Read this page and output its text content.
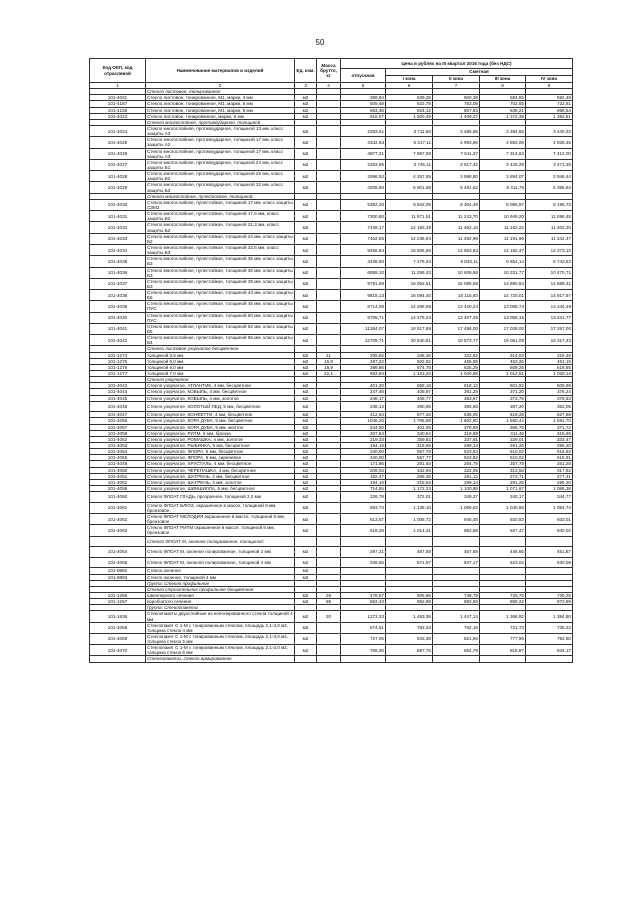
50
Код ОКП, код отраслевой	Наименование материалов и изделий	Ед. изм.	Масса брутто, кг	Цена в рублях на III квартал 2016 года (без НДС)				
				отпускная	Сметная			
					I зона	II зона	III зона	IV зона
1	2	3	4	5	6	7	8	9
	Стекло листовое, тонированное							
101-4021	Стекло листовое, тонированное, М1, марки, 4 мм	м2		389,84	539,25	600,39	584,55	592,49
101-4167	Стекло листовое, тонированное, М1, марки, 5 мм	м2		505,48	633,78	763,08	702,55	722,81
101-4168	Стекло листовое, тонированное, М1, марки, 6 мм	м2		563,36	924,12	867,63	845,21	858,54
101-4022	Стекло листовое, тонированное, марки, 8 мм	м2		915,07	1 500,49	1 409,27	1 372,38	1 392,81
	Стекло многослойное, противоударное, толщиной							
101-4024	Стекло многослойное, противоударное, толщиной 13 мм, класс защиты А3	м2		2283,51	3 711,60	3 485,95	3 394,65	3 440,33
101-4025	Стекло многослойное, противоударное, толщиной 17 мм, класс защиты А2	м2		3342,63	5 317,11	4 993,86	4 863,08	4 928,45
101-4026	Стекло многослойное, противоударное, толщиной 17 мм, класс защиты А3	м2		4877,31	7 967,59	7 611,37	7 314,63	7 412,00
101-4027	Стекло многослойное, противоударное, толщиной 24 мм, класс защиты Б1	м2		2283,95	3 745,11	3 517,42	3 425,29	3 471,35
101-4028	Стекло многослойное, противоударное, толщиной 26 мм, класс защиты Б2	м2		2596,52	4 257,55	3 998,80	3 894,07	3 946,44
101-4029	Стекло многослойное, противоударное, толщиной 32 мм, класс защиты Б3	м2		4205,60	6 901,08	6 481,52	6 311,75	6 396,64
	Стекло многослойное, пулестойкое, толщиной:							
101-4030	Стекло многослойное, пулестойкое, толщиной 17 мм, класс защиты СЗМ2	м2		5392,30	8 842,05	8 304,49	8 086,97	8 195,73
101-4031	Стекло многослойное, пулестойкое, толщиной 17,5 мм, класс защиты Б2	м2		7300,80	11 971,51	11 243,70	10 949,20	11 096,45
101-4032	Стекло многослойное, пулестойкое, толщиной 21,3 мм, класс защиты Б2	м2		7436,17	12 193,49	11 452,16	11 152,22	11 302,20
101-4033	Стекло многослойное, пулестойкое, толщиной 24 мм, класс защиты Б2	м2		7462,66	12 236,94	11 492,98	11 191,96	11 342,47
101-4034	Стекло многослойное, пулестойкое, толщиной 32,5 мм, класс защиты Б3	м2		9456,84	15 506,56	14 563,83	14 182,37	14 373,10
101-4035	Стекло многослойное, пулестойкое, толщиной 35 мм, класс защиты Б3	м2		4436,90	7 275,43	6 833,11	6 654,14	6 743,63
101-4036	Стекло многослойное, пулестойкое, толщиной 36 мм, класс защиты Б3	м2		6889,10	11 296,43	10 609,66	10 331,77	10 470,71
101-4037	Стекло многослойное, пулестойкое, толщиной 38 мм, класс защиты Б3	м2		9791,68	16 062,51	15 085,98	14 690,84	14 888,41
101-4038	Стекло многослойное, пулестойкое, толщиной 43 мм, класс защиты Б5	м2		9815,13	16 094,40	15 115,93	14 720,01	14 917,97
101-4039	Стекло многослойное, пулестойкое, толщиной 45 мм, класс защиты ПУС	м2		8714,08	14 288,95	13 420,24	13 068,74	13 244,49
101-4040	Стекло многослойное, пулестойкое, толщиной 50 мм, класс защиты ПУС	м2		8705,71	14 275,23	13 407,35	13 056,15	13 231,77
101-4041	Стекло многослойное, пулестойкое, толщиной 52 мм, класс защиты Б5	м2		11354,07	18 617,89	17 486,00	17 028,00	17 257,00
101-4042	Стекло многослойное, пулестойкое, толщиной 55 мм, класс защиты Б4	м2		12709,71	20 840,81	19 573,77	19 061,09	19 317,43
	Стекло листовое узорчатое бесцветное							
101-1274	толщиной 3,5 мм	м2	11	205,92	348,36	322,82	314,03	319,49
101-1275	толщиной 5,0 мм	м2	15,8	297,22	502,82	465,95	453,26	461,15
101-1276	толщиной 6,0 мм	м2	18,9	398,86	674,78	625,29	608,26	618,85
101-1277	толщиной 7,0 мм	м2	22,1	663,94	1 123,20	1 040,86	1 012,51	1 030,14
	Стекло узорчатое:							
101-4043	Стекло узорчатое, АТЛАНТИК, 4 мм, бесцветное	м2		401,20	658,18	618,12	601,82	609,98
101-4044	Стекло узорчатое, КОВЫЛЬ, 4 мм, бесцветное	м2		247,46	405,97	381,25	371,20	376,24
101-4045	Стекло узорчатое, КОВЫЛЬ, 4 мм, золотое	м2		248,17	408,77	383,67	373,75	378,83
101-4046	Стекло узорчатое, КОЛОТЫЙ ЛЕД, 5 мм, бесцветное	м2		238,13	390,65	366,88	357,20	362,05
101-4047	Стекло узорчатое, КОНФЕТТИ, 4 мм, бесцветное	м2		412,64	677,26	636,06	619,28	627,68
101-4056	Стекло узорчатое, КОРА ДУБА, 5 мм, бесцветное	м2		1046,20	1 705,68	1 602,80	1 560,44	1 581,70
101-4057	Стекло узорчатое, КОРА ДУБА, 5 мм, желтое	м2		244,50	401,09	376,69	366,75	371,72
101-4058	Стекло узорчатое, РИТМ, 6 мм, бронза	м2		207,64	340,64	319,89	311,46	315,69
101-4052	Стекло узорчатое, РОМАШКА, 4 мм, золотое	м2		219,33	359,82	337,91	329,01	333,47
101-4053	Стекло узорчатое, РЫБИНКА, 5 мм, бесцветное	м2		194,18	318,55	299,14	291,26	295,20
101-4054	Стекло узорчатое, ФЛОРА, 5 мм, бесцветное	м2		340,00	557,78	523,84	510,02	516,93
101-4055	Стекло узорчатое, ФЛОРА, 5 мм, сиреневое	м2		340,00	557,77	523,82	510,02	515,91
101-4049	Стекло узорчатое, ХРУСТАЛЬ, 4 мм, бесцветное	м2		171,86	281,93	264,78	257,79	261,28
101-4050	Стекло узорчатое, ЧЕРЕПАШКА, 4 мм, бесцветное	м2		209,03	342,93	322,05	313,58	317,82
101-4051	Стекло узорчатое, ШАГРЕНЬ, 4 мм, бесцветное	м2		182,47	299,35	281,12	273,71	277,41
101-4052	Стекло узорчатое, ШАГРЕНЬ, 4 мм, золотое	м2		194,16	318,52	299,14	291,26	295,20
101-4058	Стекло узорчатое, ШИНШИЛЛА, 5 мм, бесцветное	м2		714,55	1 172,23	1 100,88	1 071,87	1 086,38
101-4060	Стекло ФЛОАТ ГЛАДЬ, прозрачное, толщиной 2,2 мм	м2		226,78	372,01	349,37	340,17	344,77
101-4061	Стекло ФЛОАТ БЛЮЗ, окрашенное в массе, толщиной 6 мм, бронзовое	м2		693,74	1 138,10	1 068,83	1 040,66	1 054,74
101-4062	Стекло ФЛОАТ МЕЛОДИЯ окрашенное в массе, толщиной 8 мм, бронзовое	м2		613,67	1 006,72	945,48	920,53	933,01
101-4063	Стекло ФЛОАТ РИТМ окрашенное в массе, толщиной 6 мм, бронзовое	м2		618,29	1 014,31	952,58	927,47	940,02
	Стекло ФЛОАТ М, оконное полированное, толщиной:							
101-4064	Стекло ФЛОАТ М, оконное полированное, толщиной 2 мм	м2		297,21	487,58	457,69	445,85	451,87
101-4065	Стекло ФЛОАТ М, оконное полированное, толщиной 4 мм	м2		349,66	571,97	537,17	523,02	530,08
101-9882	Стекло оконное	м2						
101-9883	Стекло оконное, толщиной 4 мм	м2						
	Группа: Стекло профильное							
	Стекло строительное профильное бесцветное							
101-1266	швеллерного сечения	м2	28	478,57	805,96	746,79	725,75	739,25
101-1267	коробчатого сечения	м2	55	563,43	952,88	882,69	859,22	873,89
	Группа: Стеклопакеты							
101-1836	Стеклопакеты двухслойные из неполированного стекла толщиной 4 мм	м2	20	1273,33	1 493,36	1 447,14	1 366,92	1 394,80
101-4068	Стеклопакет С 1-М с тонированным стеклом, площадь 2,1-3,0 м2, толщина стекла 4 мм	м2		674,51	782,43	762,19	721,73	735,23
101-4069	Стеклопакет С 1-М с тонированным стеклом, площадь 2,1-3,0 м2, толщина стекла 5 мм	м2		727,05	843,38	821,56	777,95	792,50
101-4070	Стеклопакет С 1-М с тонированным стеклом, площадь 2,1-3,0 м2, толщина стекла 6 мм	м2		765,30	887,75	864,79	818,87	834,17
	Стеклопакеты, стекло армированное							
